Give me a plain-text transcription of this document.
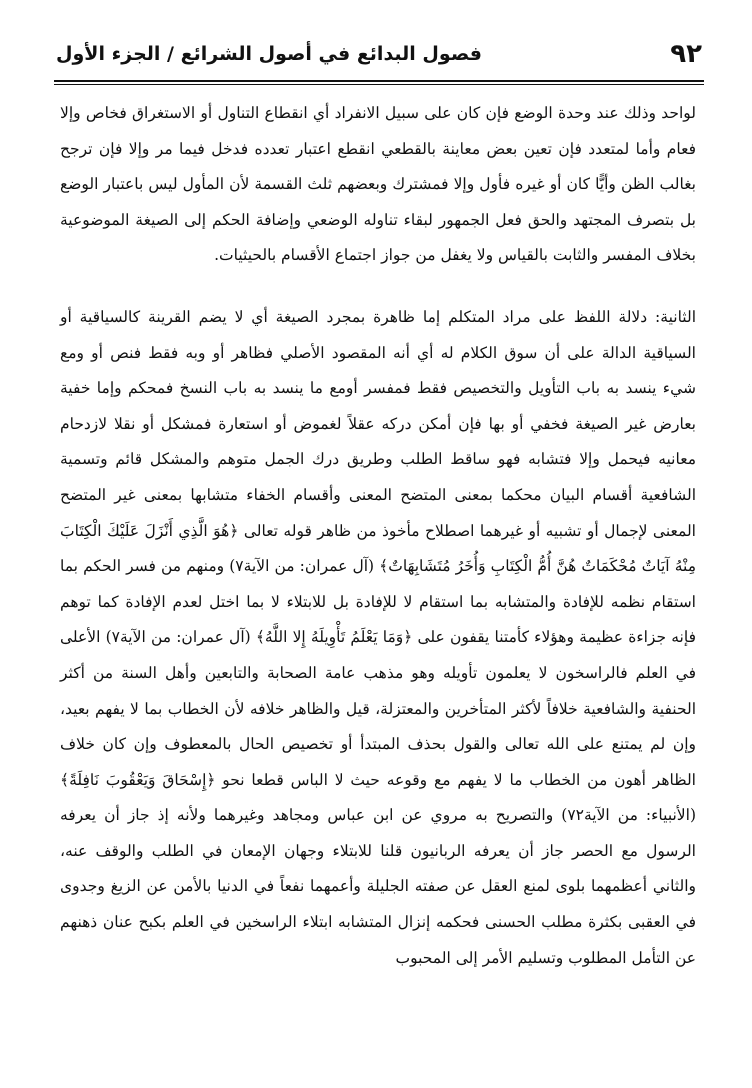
٩٢
فصول البدائع في أصول الشرائع / الجزء الأول

لواحد وذلك عند وحدة الوضع فإن كان على سبيل الانفراد أي انقطاع التناول أو الاستغراق فخاص وإلا فعام وأما لمتعدد فإن تعين بعض معاينة بالقطعي انقطع اعتبار تعدده فدخل فيما مر وإلا فإن ترجح بغالب الظن وأيًّا كان أو غيره فأول وإلا فمشترك وبعضهم ثلث القسمة لأن المأول ليس باعتبار الوضع بل بتصرف المجتهد والحق فعل الجمهور لبقاء تناوله الوضعي وإضافة الحكم إلى الصيغة الموضوعية بخلاف المفسر والثابت بالقياس ولا يغفل من جواز اجتماع الأقسام بالحيثيات.

الثانية: دلالة اللفظ على مراد المتكلم إما ظاهرة بمجرد الصيغة أي لا يضم القرينة كالسياقية أو السياقية الدالة على أن سوق الكلام له أي أنه المقصود الأصلي فظاهر أو وبه فقط فنص أو ومع شيء ينسد به باب التأويل والتخصيص فقط فمفسر أومع ما ينسد به باب النسخ فمحكم وإما خفية بعارض غير الصيغة فخفي أو بها فإن أمكن دركه عقلاً لغموض أو استعارة فمشكل أو نقلا لازدحام معانيه فيحمل وإلا فتشابه فهو ساقط الطلب وطريق درك الجمل متوهم والمشكل قائم وتسمية الشافعية أقسام البيان محكما بمعنى المتضح المعنى وأقسام الخفاء متشابها بمعنى غير المتضح المعنى لإجمال أو تشبيه أو غيرهما اصطلاح مأخوذ من ظاهر قوله تعالى ﴿هُوَ الَّذِي أَنْزَلَ عَلَيْكَ الْكِتَابَ مِنْهُ آيَاتٌ مُحْكَمَاتٌ هُنَّ أُمُّ الْكِتَابِ وَأُخَرُ مُتَشَابِهَاتٌ﴾ (آل عمران: من الآية٧) ومنهم من فسر الحكم بما استقام نظمه للإفادة والمتشابه بما استقام لا للإفادة بل للابتلاء لا بما اختل لعدم الإفادة كما توهم فإنه جزاءة عظيمة وهؤلاء كأمتنا يقفون على ﴿وَمَا يَعْلَمُ تَأْوِيلَهُ إِلا اللَّهُ﴾ (آل عمران: من الآية٧) الأعلى في العلم فالراسخون لا يعلمون تأويله وهو مذهب عامة الصحابة والتابعين وأهل السنة من أكثر الحنفية والشافعية خلافاً لأكثر المتأخرين والمعتزلة، قيل والظاهر خلافه لأن الخطاب بما لا يفهم بعيد، وإن لم يمتنع على الله تعالى والقول بحذف المبتدأ أو تخصيص الحال بالمعطوف وإن كان خلاف الظاهر أهون من الخطاب ما لا يفهم مع وقوعه حيث لا الباس قطعا نحو ﴿إِسْحَاقَ وَيَعْقُوبَ نَافِلَةً﴾ (الأنبياء: من الآية٧٢) والتصريح به مروي عن ابن عباس ومجاهد وغيرهما ولأنه إذ جاز أن يعرفه الرسول مع الحصر جاز أن يعرفه الربانيون قلنا للابتلاء وجهان الإمعان في الطلب والوقف عنه، والثاني أعظمهما بلوى لمنع العقل عن صفته الجليلة وأعمهما نفعاً في الدنيا بالأمن عن الزيغ وجدوى في العقبى بكثرة مطلب الحسنى فحكمه إنزال المتشابه ابتلاء الراسخين في العلم بكبح عنان ذهنهم عن التأمل المطلوب وتسليم الأمر إلى المحبوب
